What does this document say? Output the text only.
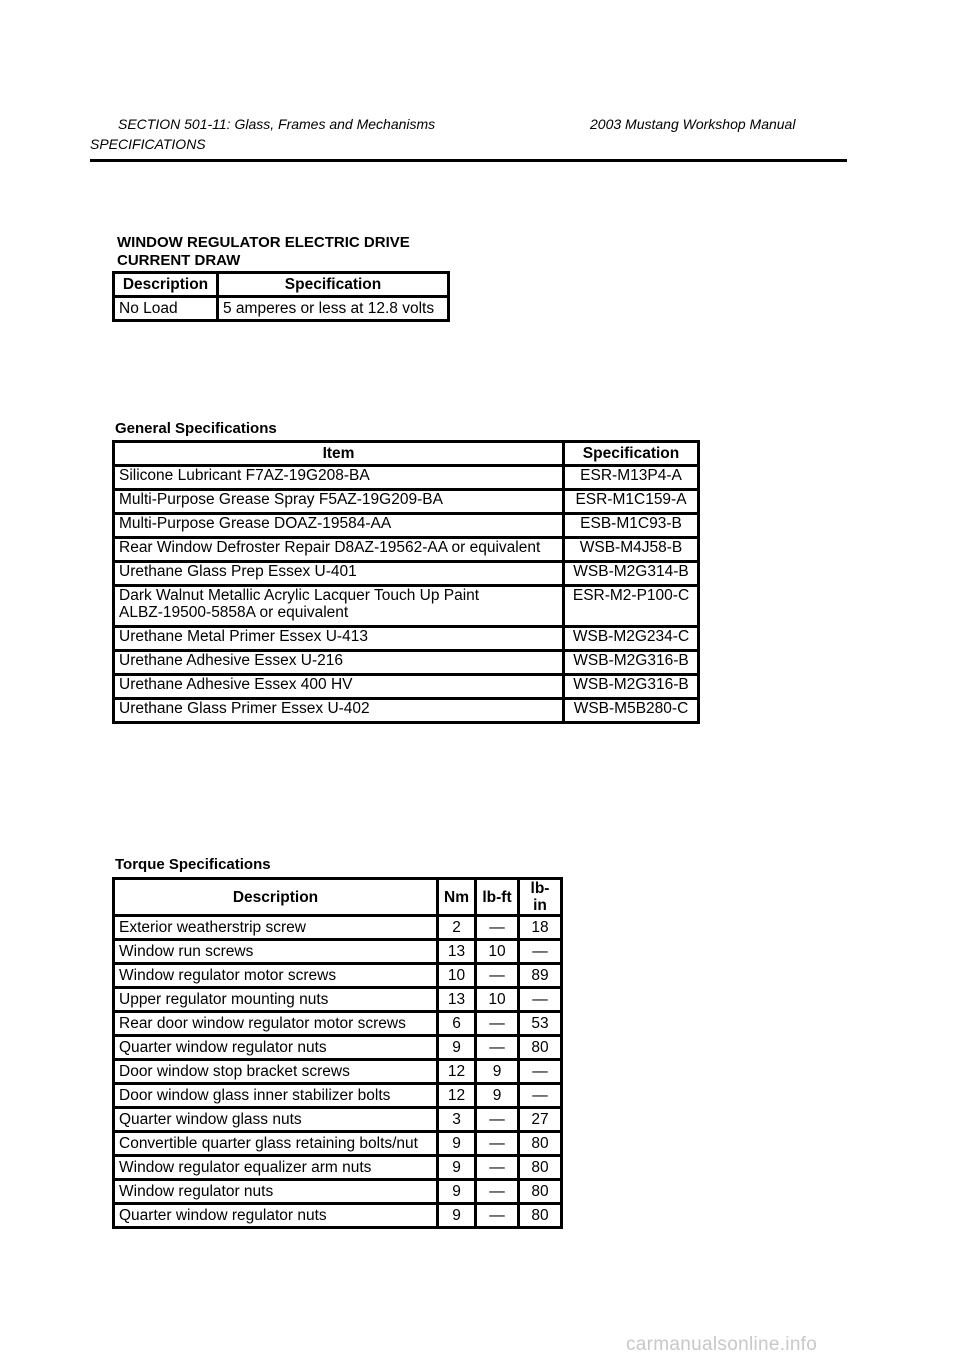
SECTION 501-11: Glass, Frames and Mechanisms	2003 Mustang Workshop Manual
SPECIFICATIONS
WINDOW REGULATOR ELECTRIC DRIVE
CURRENT DRAW
Description	Specification
No Load	5 amperes or less at 12.8 volts
General Specifications
Item	Specification
Silicone Lubricant F7AZ-19G208-BA	ESR-M13P4-A
Multi-Purpose Grease Spray F5AZ-19G209-BA	ESR-M1C159-A
Multi-Purpose Grease DOAZ-19584-AA	ESB-M1C93-B
Rear Window Defroster Repair D8AZ-19562-AA or equivalent	WSB-M4J58-B
Urethane Glass Prep Essex U-401	WSB-M2G314-B

Dark Walnut Metallic Acrylic Lacquer Touch Up Paint
ALBZ-19500-5858A or equivalent	ESR-M2-P100-C
Urethane Metal Primer Essex U-413	WSB-M2G234-C
Urethane Adhesive Essex U-216	WSB-M2G316-B
Urethane Adhesive Essex 400 HV	WSB-M2G316-B
Urethane Glass Primer Essex U-402	WSB-M5B280-C
Torque Specifications
Description	Nm	lb-ft	lb-in
Exterior weatherstrip screw	2	—	18
Window run screws	13	10	—
Window regulator motor screws	10	—	89
Upper regulator mounting nuts	13	10	—
Rear door window regulator motor screws	6	—	53
Quarter window regulator nuts	9	—	80
Door window stop bracket screws	12	9	—
Door window glass inner stabilizer bolts	12	9	—
Quarter window glass nuts	3	—	27
Convertible quarter glass retaining bolts/nut	9	—	80
Window regulator equalizer arm nuts	9	—	80
Window regulator nuts	9	—	80
Quarter window regulator nuts	9	—	80
carmanualsonline.info
